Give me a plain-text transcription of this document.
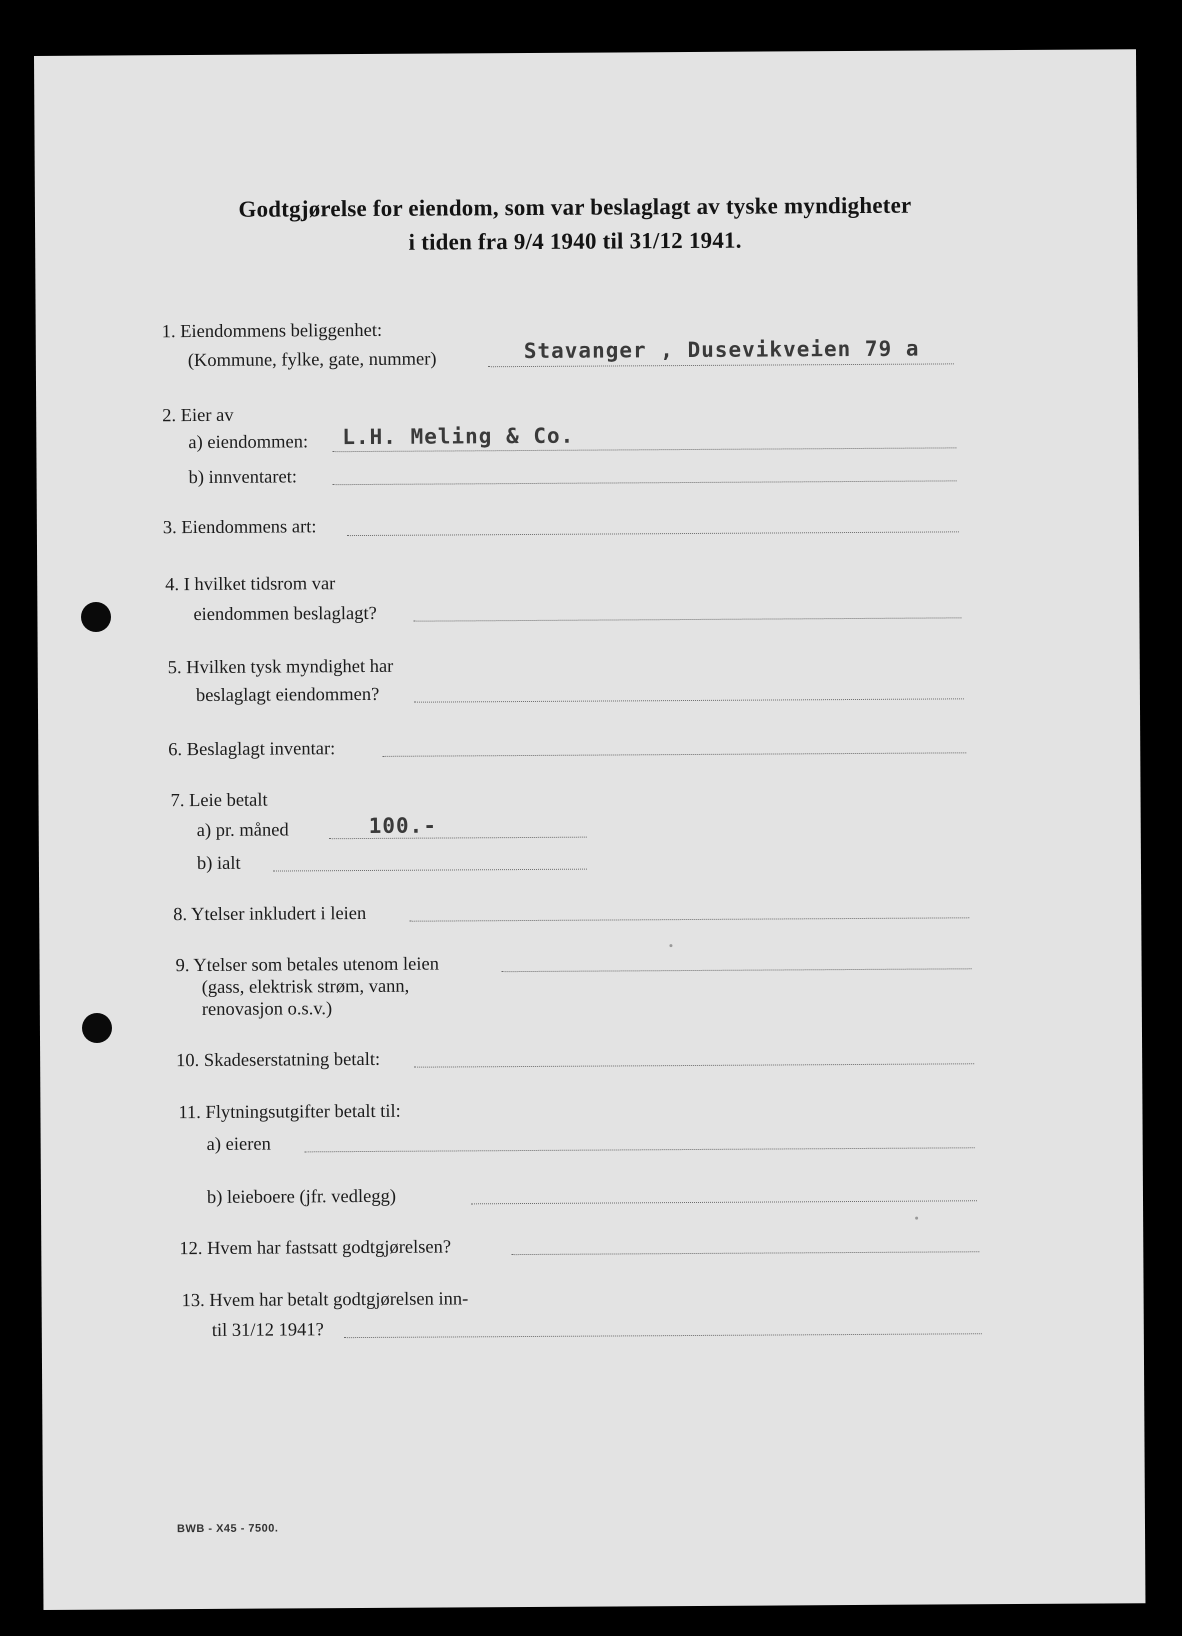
Godtgjørelse for eiendom, som var beslaglagt av tyske myndigheter
i tiden fra 9/4 1940 til 31/12 1941.
1. Eiendommens beliggenhet:
(Kommune, fylke, gate, nummer)	Stavanger , Dusevikveien 79 a
2. Eier av
a) eiendommen: L.H. Meling & Co.
b) innventaret:
3. Eiendommens art:
4. I hvilket tidsrom var
eiendommen beslaglagt?
5. Hvilken tysk myndighet har
beslaglagt eiendommen?
6. Beslaglagt inventar:
7. Leie betalt
a) pr. måned	100.-
b) ialt
8. Ytelser inkludert i leien
9. Ytelser som betales utenom leien
(gass, elektrisk strøm, vann,
renovasjon o.s.v.)
10. Skadeserstatning betalt:
11. Flytningsutgifter betalt til:
a) eieren
b) leieboere (jfr. vedlegg)
12. Hvem har fastsatt godtgjørelsen?
13. Hvem har betalt godtgjørelsen inn-
til 31/12 1941?
BWB - X45 - 7500.
